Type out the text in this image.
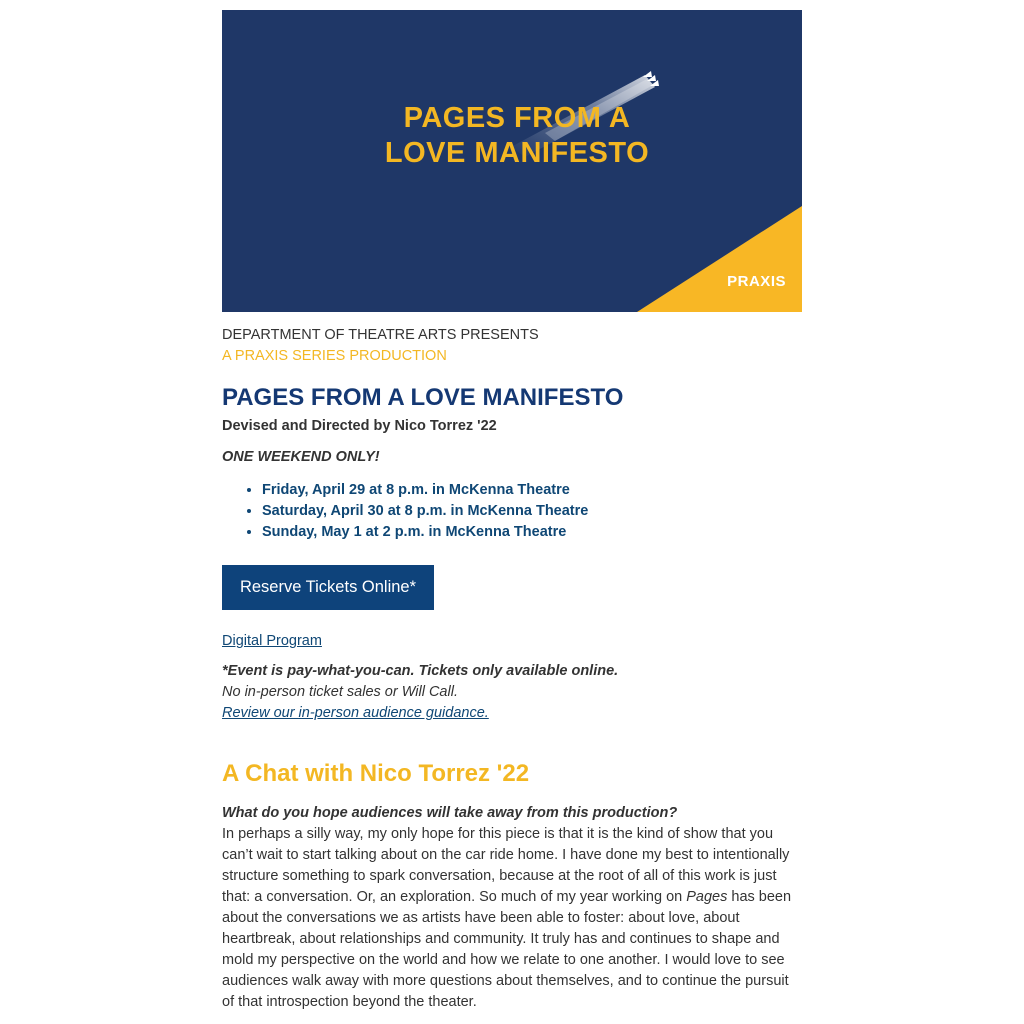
PAGES FROM A
LOVE MANIFESTO
PRAXIS

DEPARTMENT OF THEATRE ARTS PRESENTS

A PRAXIS SERIES PRODUCTION

PAGES FROM A LOVE MANIFESTO

Devised and Directed by Nico Torrez '22

ONE WEEKEND ONLY!

• Friday, April 29 at 8 p.m. in McKenna Theatre
• Saturday, April 30 at 8 p.m. in McKenna Theatre
• Sunday, May 1 at 2 p.m. in McKenna Theatre
Reserve Tickets Online*
Digital Program
*Event is pay-what-you-can. Tickets only available online.
No in-person ticket sales or Will Call.
Review our in-person audience guidance.
A Chat with Nico Torrez '22

What do you hope audiences will take away from this production?

In perhaps a silly way, my only hope for this piece is that it is the kind of show that you can’t wait to start talking about on the car ride home. I have done my best to intentionally structure something to spark conversation, because at the root of all of this work is just that: a conversation. Or, an exploration. So much of my year working on Pages has been about the conversations we as artists have been able to foster: about love, about heartbreak, about relationships and community. It truly has and continues to shape and mold my perspective on the world and how we relate to one another. I would love to see audiences walk away with more questions about themselves, and to continue the pursuit of that introspection beyond the theater.
